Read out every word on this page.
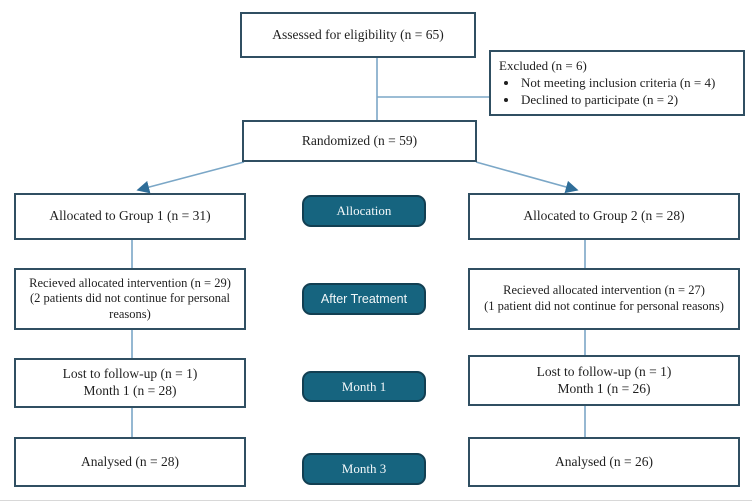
Assessed for eligibility (n = 65)
Excluded (n = 6)
• Not meeting inclusion criteria (n = 4)
• Declined to participate (n = 2)
Randomized (n = 59)
Allocated to Group 1 (n = 31)
Recieved allocated intervention (n = 29)
(2 patients did not continue for personal reasons)
Lost to follow-up (n = 1)
Month 1 (n = 28)
Analysed (n = 28)
Allocation
After Treatment
Month 1
Month 3
Allocated to Group 2 (n = 28)
Recieved allocated intervention (n = 27)
(1 patient did not continue for personal reasons)
Lost to follow-up (n = 1)
Month 1 (n = 26)
Analysed (n = 26)
